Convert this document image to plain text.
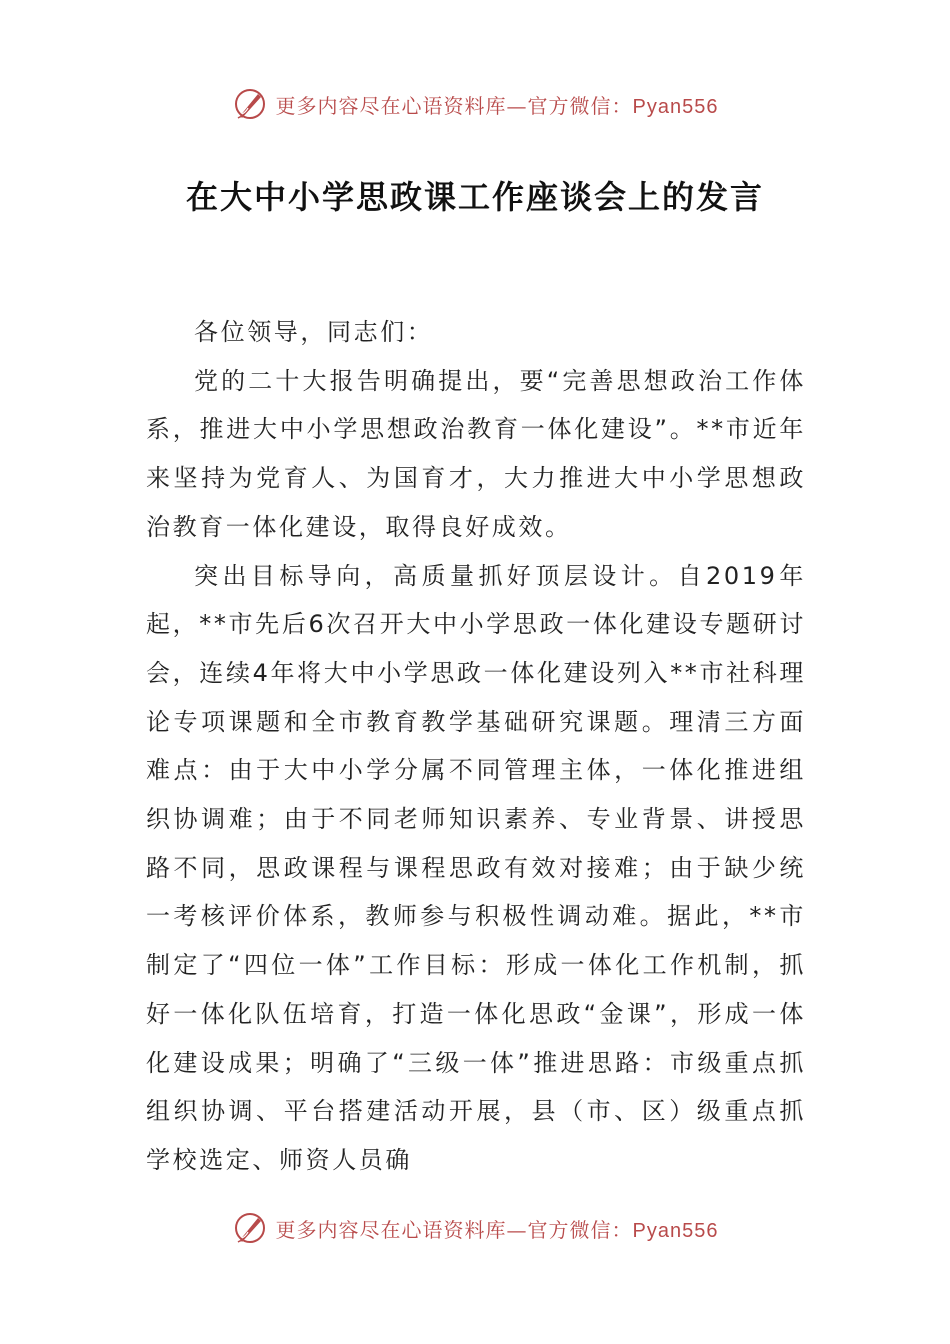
更多内容尽在心语资料库—官方微信：Pyan556
在大中小学思政课工作座谈会上的发言

各位领导，同志们：

党的二十大报告明确提出，要“完善思想政治工作体系，推进大中小学思想政治教育一体化建设”。**市近年来坚持为党育人、为国育才，大力推进大中小学思想政治教育一体化建设，取得良好成效。

突出目标导向，高质量抓好顶层设计。自2019年起，**市先后6次召开大中小学思政一体化建设专题研讨会，连续4年将大中小学思政一体化建设列入**市社科理论专项课题和全市教育教学基础研究课题。理清三方面难点：由于大中小学分属不同管理主体，一体化推进组织协调难；由于不同老师知识素养、专业背景、讲授思路不同，思政课程与课程思政有效对接难；由于缺少统一考核评价体系，教师参与积极性调动难。据此，**市制定了“四位一体”工作目标：形成一体化工作机制，抓好一体化队伍培育，打造一体化思政“金课”，形成一体化建设成果；明确了“三级一体”推进思路：市级重点抓组织协调、平台搭建活动开展，县（市、区）级重点抓学校选定、师资人员确

更多内容尽在心语资料库—官方微信：Pyan556
